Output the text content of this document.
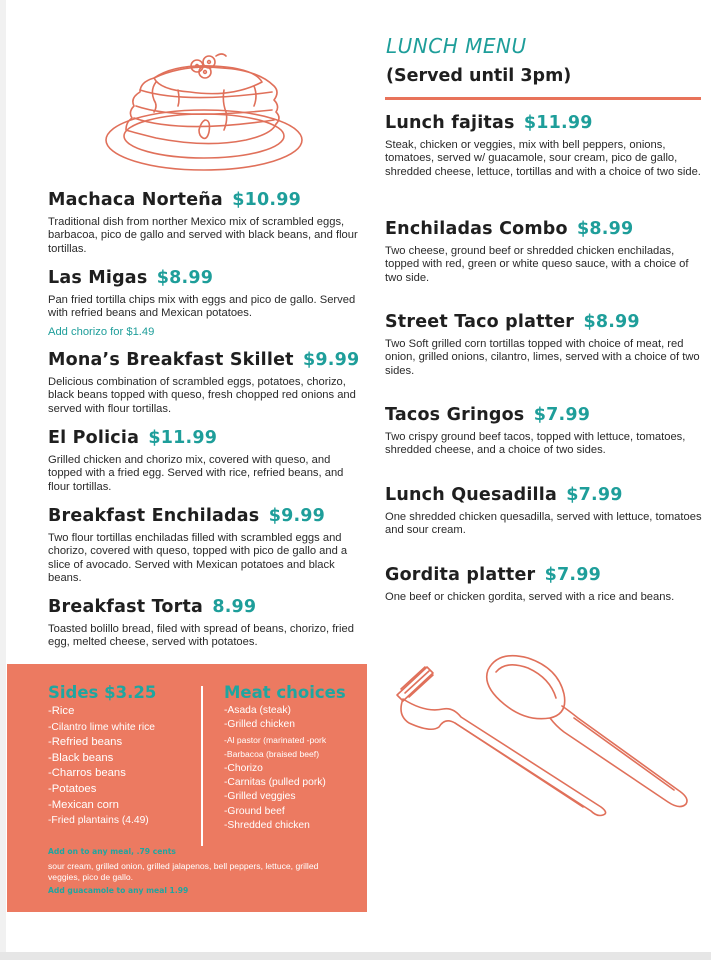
Machaca Norteña $10.99

Traditional dish from norther Mexico mix of scrambled eggs, barbacoa, pico de gallo and served with black beans, and flour tortillas.

Las Migas $8.99

Pan fried tortilla chips mix with eggs and pico de gallo. Served with refried beans and Mexican potatoes.

Add chorizo for $1.49
Mona’s Breakfast Skillet $9.99

Delicious combination of scrambled eggs, potatoes, chorizo, black beans topped with queso, fresh chopped red onions and served with flour tortillas.

El Policia $11.99

Grilled chicken and chorizo mix, covered with queso, and topped with a fried egg. Served with rice, refried beans, and flour tortillas.

Breakfast Enchiladas $9.99

Two flour tortillas enchiladas filled with scrambled eggs and chorizo, covered with queso, topped with pico de gallo and a slice of avocado. Served with Mexican potatoes and black beans.

Breakfast Torta 8.99

Toasted bolillo bread, filed with spread of beans, chorizo, fried egg, melted cheese, served with potatoes.

LUNCH MENU
(Served until 3pm)
Lunch fajitas $11.99

Steak, chicken or veggies, mix with bell peppers, onions, tomatoes, served w/ guacamole, sour cream, pico de gallo, shredded cheese, lettuce, tortillas and with a choice of two side.

Enchiladas Combo $8.99

Two cheese, ground beef or shredded chicken enchiladas, topped with red, green or white queso sauce, with a choice of two side.

Street Taco platter $8.99

Two Soft grilled corn tortillas topped with choice of meat, red onion, grilled onions, cilantro, limes, served with a choice of two sides.

Tacos Gringos $7.99

Two crispy ground beef tacos, topped with lettuce, tomatoes, shredded cheese, and a choice of two sides.

Lunch Quesadilla $7.99

One shredded chicken quesadilla, served with lettuce, tomatoes and sour cream.

Gordita platter $7.99

One beef or chicken gordita, served with a rice and beans.

Sides $3.25	Meat choices
-Rice
-Cilantro lime white rice
-Refried beans
-Black beans
-Charros beans
-Potatoes
-Mexican corn
-Fried plantains (4.49)
-Asada (steak)
-Grilled chicken
-Al pastor (marinated -pork
-Barbacoa (braised beef)
-Chorizo
-Carnitas (pulled pork)
-Grilled veggies
-Ground beef
-Shredded chicken
Add on to any meal, .79 cents
sour cream, grilled onion, grilled jalapenos, bell peppers, lettuce, grilled veggies, pico de gallo.
Add guacamole to any meal 1.99
